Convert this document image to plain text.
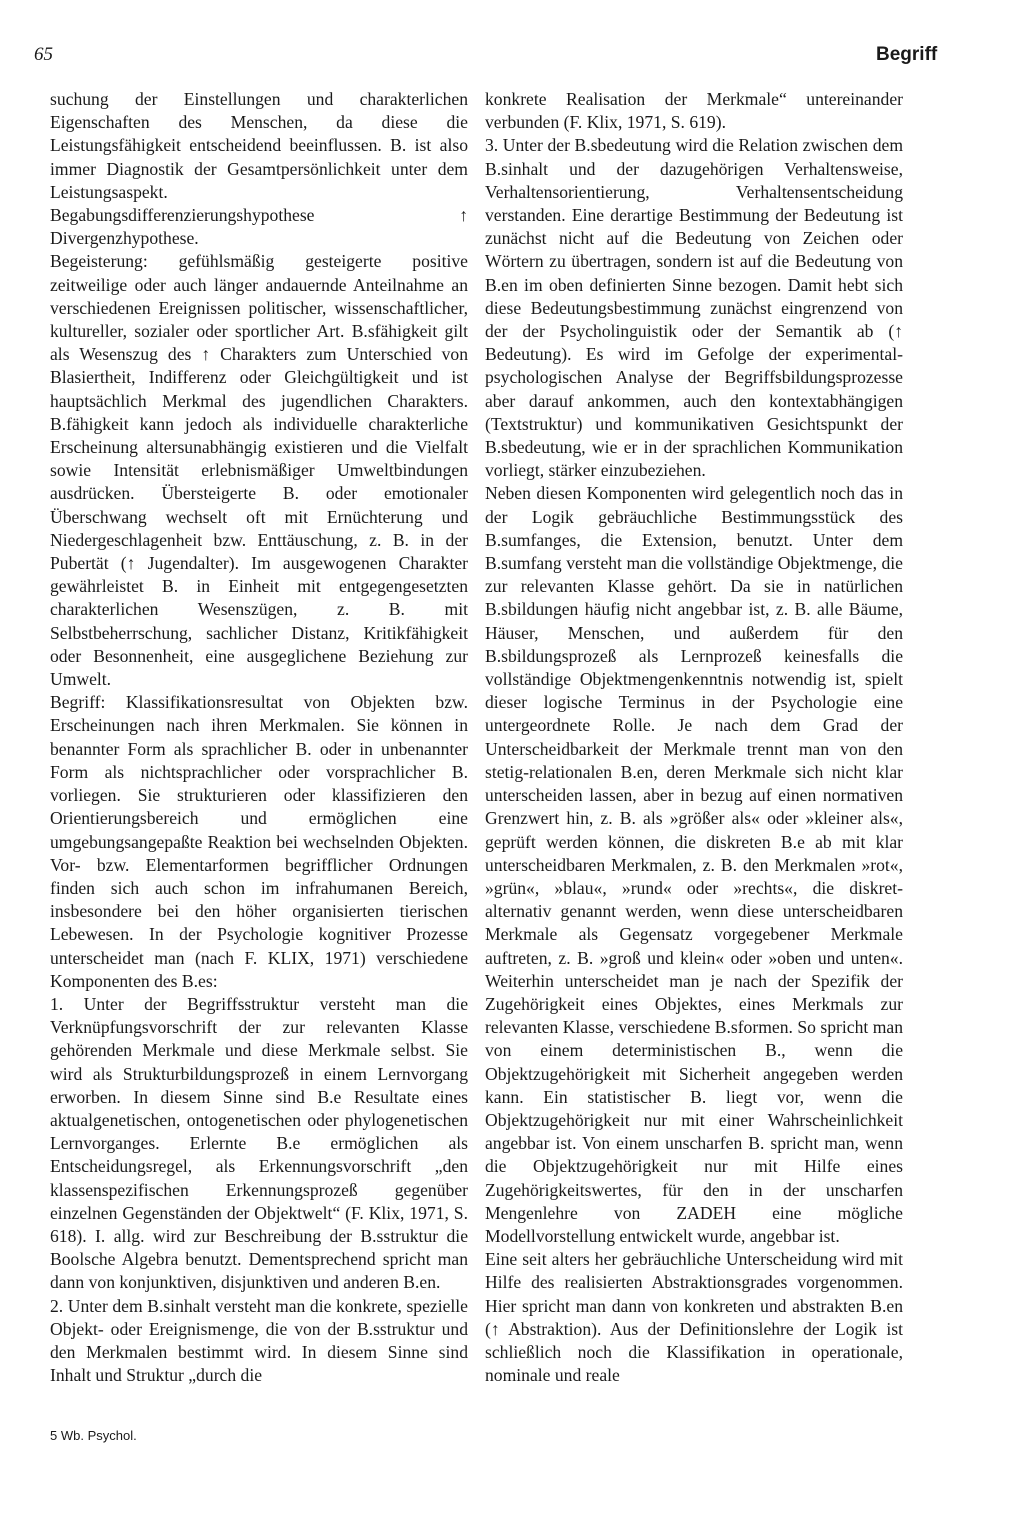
65	Begriff

suchung der Einstellungen und charakterlichen Eigenschaften des Menschen, da diese die Leistungsfähigkeit entscheidend beeinflussen. B. ist also immer Diagnostik der Gesamtpersönlichkeit unter dem Leistungsaspekt.

Begabungsdifferenzierungshypothese ↑ Divergenzhypothese.

Begeisterung: gefühlsmäßig gesteigerte positive zeitweilige oder auch länger andauernde Anteilnahme an verschiedenen Ereignissen politischer, wissenschaftlicher, kultureller, sozialer oder sportlicher Art. B.sfähigkeit gilt als Wesenszug des ↑ Charakters zum Unterschied von Blasiertheit, Indifferenz oder Gleichgültigkeit und ist hauptsächlich Merkmal des jugendlichen Charakters. B.fähigkeit kann jedoch als individuelle charakterliche Erscheinung altersunabhängig existieren und die Vielfalt sowie Intensität erlebnismäßiger Umweltbindungen ausdrücken. Übersteigerte B. oder emotionaler Überschwang wechselt oft mit Ernüchterung und Niedergeschlagenheit bzw. Enttäuschung, z. B. in der Pubertät (↑ Jugendalter). Im ausgewogenen Charakter gewährleistet B. in Einheit mit entgegengesetzten charakterlichen Wesenszügen, z. B. mit Selbstbeherrschung, sachlicher Distanz, Kritikfähigkeit oder Besonnenheit, eine ausgeglichene Beziehung zur Umwelt.

Begriff: Klassifikationsresultat von Objekten bzw. Erscheinungen nach ihren Merkmalen. Sie können in benannter Form als sprachlicher B. oder in unbenannter Form als nichtsprachlicher oder vorsprachlicher B. vorliegen. Sie strukturieren oder klassifizieren den Orientierungsbereich und ermöglichen eine umgebungsangepaßte Reaktion bei wechselnden Objekten. Vor- bzw. Elementarformen begrifflicher Ordnungen finden sich auch schon im infrahumanen Bereich, insbesondere bei den höher organisierten tierischen Lebewesen. In der Psychologie kognitiver Prozesse unterscheidet man (nach F. KLIX, 1971) verschiedene Komponenten des B.es:

1. Unter der Begriffsstruktur versteht man die Verknüpfungsvorschrift der zur relevanten Klasse gehörenden Merkmale und diese Merkmale selbst. Sie wird als Strukturbildungsprozeß in einem Lernvorgang erworben. In diesem Sinne sind B.e Resultate eines aktualgenetischen, ontogenetischen oder phylogenetischen Lernvorganges. Erlernte B.e ermöglichen als Entscheidungsregel, als Erkennungsvorschrift „den klassenspezifischen Erkennungsprozeß gegenüber einzelnen Gegenständen der Objektwelt“ (F. Klix, 1971, S. 618). I. allg. wird zur Beschreibung der B.sstruktur die Boolsche Algebra benutzt. Dementsprechend spricht man dann von konjunktiven, disjunktiven und anderen B.en.

2. Unter dem B.sinhalt versteht man die konkrete, spezielle Objekt- oder Ereignismenge, die von der B.sstruktur und den Merkmalen bestimmt wird. In diesem Sinne sind Inhalt und Struktur „durch die

konkrete Realisation der Merkmale“ untereinander verbunden (F. Klix, 1971, S. 619).

3. Unter der B.sbedeutung wird die Relation zwischen dem B.sinhalt und der dazugehörigen Verhaltensweise, Verhaltensorientierung, Verhaltensentscheidung verstanden. Eine derartige Bestimmung der Bedeutung ist zunächst nicht auf die Bedeutung von Zeichen oder Wörtern zu übertragen, sondern ist auf die Bedeutung von B.en im oben definierten Sinne bezogen. Damit hebt sich diese Bedeutungsbestimmung zunächst eingrenzend von der der Psycholinguistik oder der Semantik ab (↑ Bedeutung). Es wird im Gefolge der experimental-psychologischen Analyse der Begriffsbildungsprozesse aber darauf ankommen, auch den kontextabhängigen (Textstruktur) und kommunikativen Gesichtspunkt der B.sbedeutung, wie er in der sprachlichen Kommunikation vorliegt, stärker einzubeziehen.

Neben diesen Komponenten wird gelegentlich noch das in der Logik gebräuchliche Bestimmungsstück des B.sumfanges, die Extension, benutzt. Unter dem B.sumfang versteht man die vollständige Objektmenge, die zur relevanten Klasse gehört. Da sie in natürlichen B.sbildungen häufig nicht angebbar ist, z. B. alle Bäume, Häuser, Menschen, und außerdem für den B.sbildungsprozeß als Lernprozeß keinesfalls die vollständige Objektmengenkenntnis notwendig ist, spielt dieser logische Terminus in der Psychologie eine untergeordnete Rolle. Je nach dem Grad der Unterscheidbarkeit der Merkmale trennt man von den stetig-relationalen B.en, deren Merkmale sich nicht klar unterscheiden lassen, aber in bezug auf einen normativen Grenzwert hin, z. B. als »größer als« oder »kleiner als«, geprüft werden können, die diskreten B.e ab mit klar unterscheidbaren Merkmalen, z. B. den Merkmalen »rot«, »grün«, »blau«, »rund« oder »rechts«, die diskret-alternativ genannt werden, wenn diese unterscheidbaren Merkmale als Gegensatz vorgegebener Merkmale auftreten, z. B. »groß und klein« oder »oben und unten«. Weiterhin unterscheidet man je nach der Spezifik der Zugehörigkeit eines Objektes, eines Merkmals zur relevanten Klasse, verschiedene B.sformen. So spricht man von einem deterministischen B., wenn die Objektzugehörigkeit mit Sicherheit angegeben werden kann. Ein statistischer B. liegt vor, wenn die Objektzugehörigkeit nur mit einer Wahrscheinlichkeit angebbar ist. Von einem unscharfen B. spricht man, wenn die Objektzugehörigkeit nur mit Hilfe eines Zugehörigkeitswertes, für den in der unscharfen Mengenlehre von ZADEH eine mögliche Modellvorstellung entwickelt wurde, angebbar ist.

Eine seit alters her gebräuchliche Unterscheidung wird mit Hilfe des realisierten Abstraktionsgrades vorgenommen. Hier spricht man dann von konkreten und abstrakten B.en (↑ Abstraktion). Aus der Definitionslehre der Logik ist schließlich noch die Klassifikation in operationale, nominale und reale

5 Wb. Psychol.
